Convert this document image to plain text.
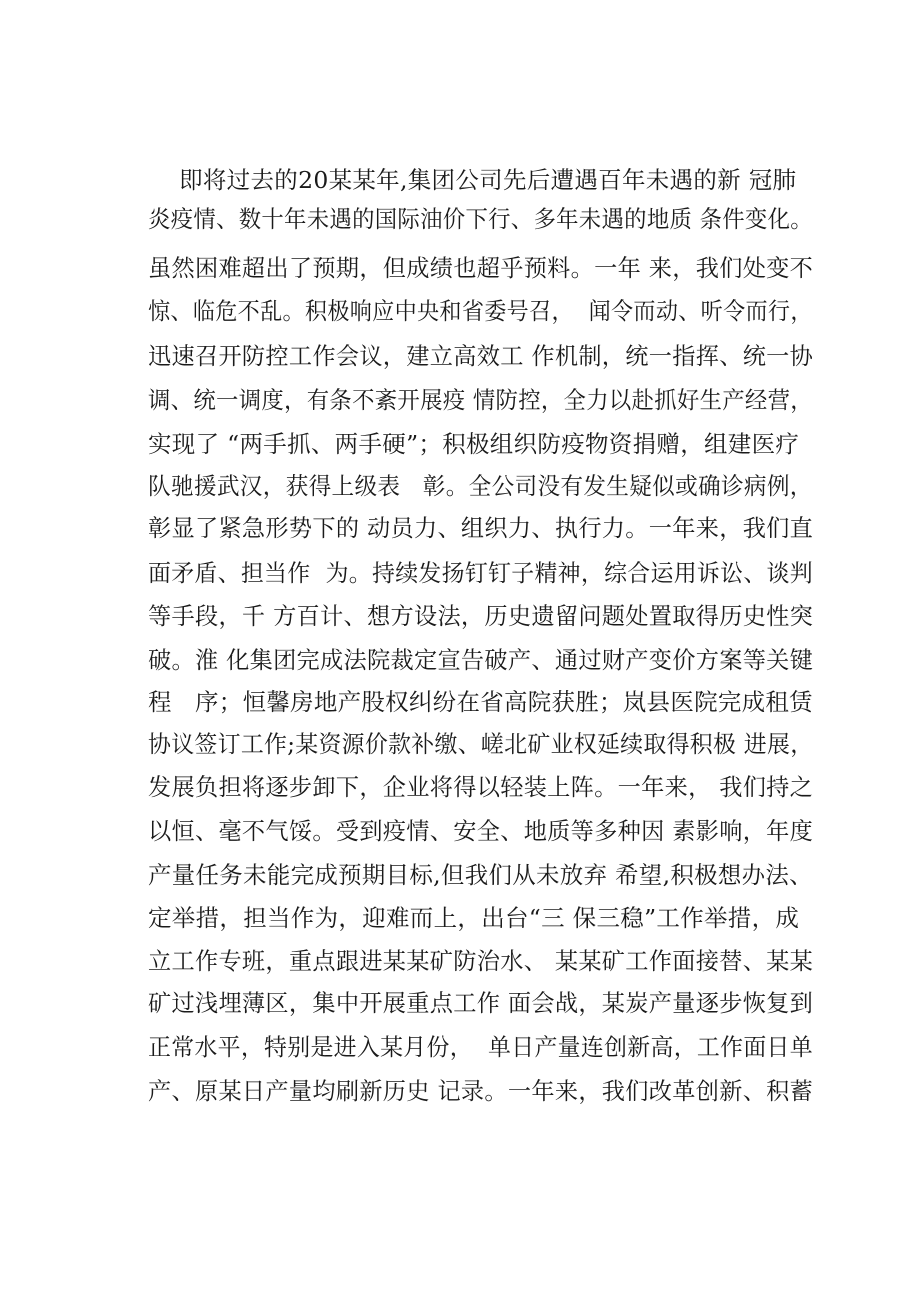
即将过去的20某某年,集团公司先后遭遇百年未遇的新 冠肺
炎疫情、数十年未遇的国际油价下行、多年未遇的地质 条件变化。
虽然困难超出了预期，但成绩也超乎预料。一年 来，我们处变不
惊、临危不乱。积极响应中央和省委号召，  闻令而动、听令而行，
迅速召开防控工作会议，建立高效工 作机制，统一指挥、统一协
调、统一调度，有条不紊开展疫 情防控，全力以赴抓好生产经营，
实现了 “两手抓、两手硬”；积极组织防疫物资捐赠，组建医疗
队驰援武汉，获得上级表   彰。全公司没有发生疑似或确诊病例，
彰显了紧急形势下的 动员力、组织力、执行力。一年来，我们直
面矛盾、担当作  为。持续发扬钉钉子精神，综合运用诉讼、谈判
等手段，千 方百计、想方设法，历史遗留问题处置取得历史性突
破。淮 化集团完成法院裁定宣告破产、通过财产变价方案等关键
程   序；恒馨房地产股权纠纷在省高院获胜；岚县医院完成租赁
协议签订工作;某资源价款补缴、嵯北矿业权延续取得积极 进展，
发展负担将逐步卸下，企业将得以轻装上阵。一年来， 我们持之
以恒、毫不气馁。受到疫情、安全、地质等多种因 素影响，年度
产量任务未能完成预期目标,但我们从未放弃 希望,积极想办法、
定举措，担当作为，迎难而上，出台“三 保三稳”工作举措，成
立工作专班，重点跟进某某矿防治水、 某某矿工作面接替、某某
矿过浅埋薄区，集中开展重点工作 面会战，某炭产量逐步恢复到
正常水平，特别是进入某月份，  单日产量连创新高，工作面日单
产、原某日产量均刷新历史 记录。一年来，我们改革创新、积蓄
